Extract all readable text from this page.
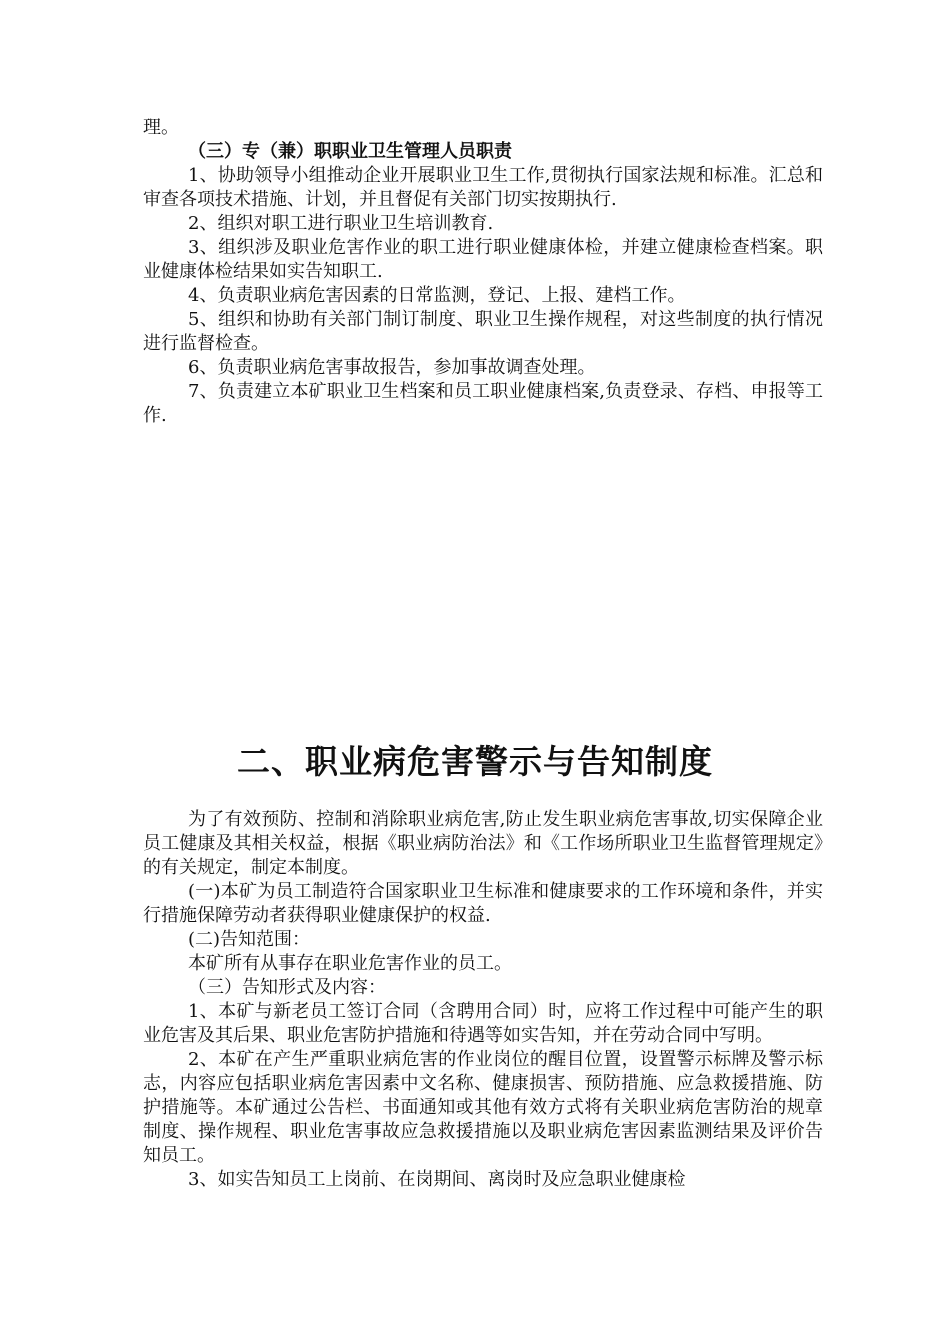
理。

（三）专（兼）职职业卫生管理人员职责

1、协助领导小组推动企业开展职业卫生工作,贯彻执行国家法规和标准。汇总和审查各项技术措施、计划，并且督促有关部门切实按期执行.

2、组织对职工进行职业卫生培训教育.

3、组织涉及职业危害作业的职工进行职业健康体检，并建立健康检查档案。职业健康体检结果如实告知职工.

4、负责职业病危害因素的日常监测，登记、上报、建档工作。

5、组织和协助有关部门制订制度、职业卫生操作规程，对这些制度的执行情况进行监督检查。

6、负责职业病危害事故报告，参加事故调查处理。

7、负责建立本矿职业卫生档案和员工职业健康档案,负责登录、存档、申报等工作.

二、职业病危害警示与告知制度

为了有效预防、控制和消除职业病危害,防止发生职业病危害事故,切实保障企业员工健康及其相关权益，根据《职业病防治法》和《工作场所职业卫生监督管理规定》的有关规定，制定本制度。

(一)本矿为员工制造符合国家职业卫生标准和健康要求的工作环境和条件，并实行措施保障劳动者获得职业健康保护的权益.

(二)告知范围：

本矿所有从事存在职业危害作业的员工。

（三）告知形式及内容：

1、本矿与新老员工签订合同（含聘用合同）时，应将工作过程中可能产生的职业危害及其后果、职业危害防护措施和待遇等如实告知，并在劳动合同中写明。

2、本矿在产生严重职业病危害的作业岗位的醒目位置，设置警示标牌及警示标志，内容应包括职业病危害因素中文名称、健康损害、预防措施、应急救援措施、防护措施等。本矿通过公告栏、书面通知或其他有效方式将有关职业病危害防治的规章制度、操作规程、职业危害事故应急救援措施以及职业病危害因素监测结果及评价告知员工。

3、如实告知员工上岗前、在岗期间、离岗时及应急职业健康检
